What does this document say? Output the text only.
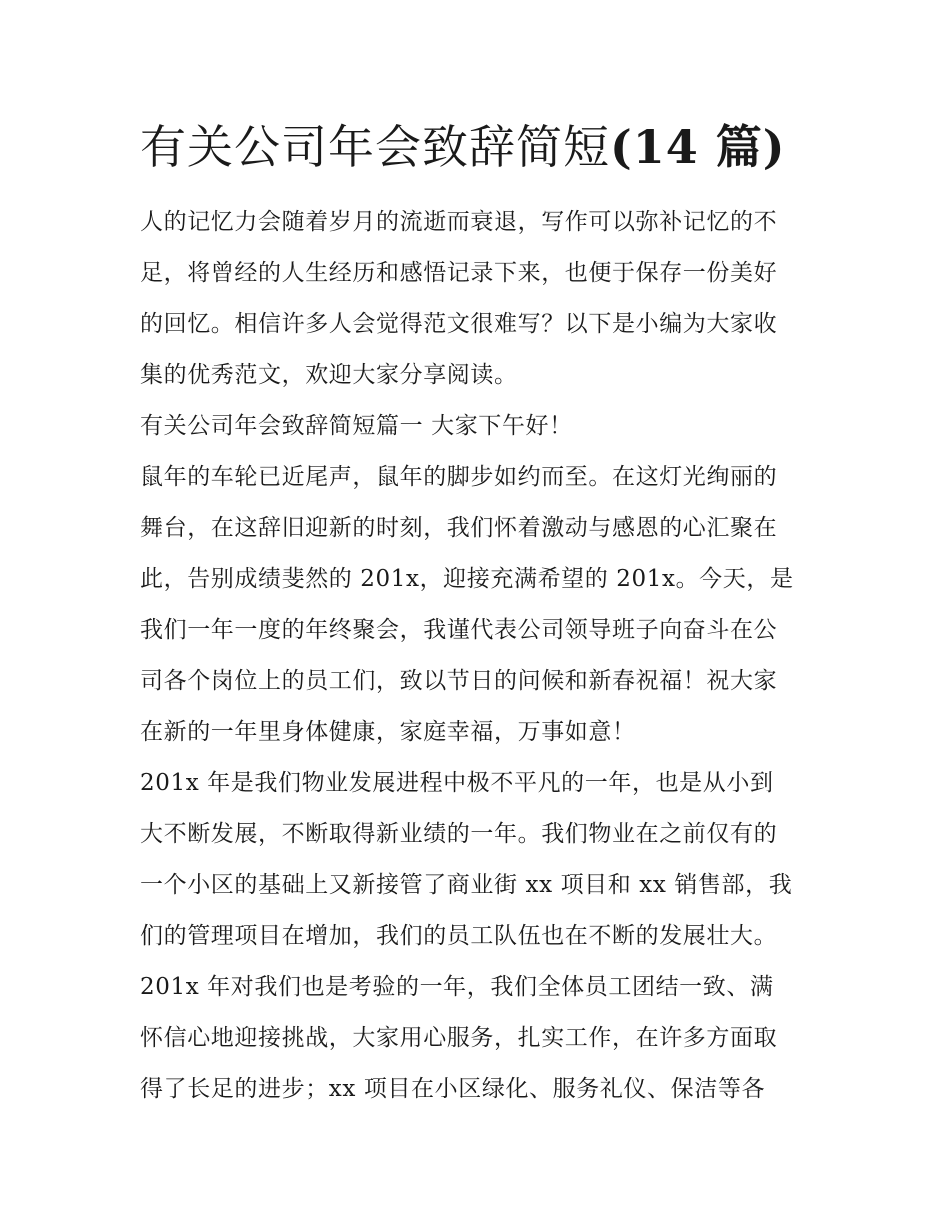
有关公司年会致辞简短(14 篇)
人的记忆力会随着岁月的流逝而衰退，写作可以弥补记忆的不
足，将曾经的人生经历和感悟记录下来，也便于保存一份美好
的回忆。相信许多人会觉得范文很难写？以下是小编为大家收
集的优秀范文，欢迎大家分享阅读。
有关公司年会致辞简短篇一 大家下午好！
鼠年的车轮已近尾声，鼠年的脚步如约而至。在这灯光绚丽的
舞台，在这辞旧迎新的时刻，我们怀着激动与感恩的心汇聚在
此，告别成绩斐然的 201x，迎接充满希望的 201x。今天，是
我们一年一度的年终聚会，我谨代表公司领导班子向奋斗在公
司各个岗位上的员工们，致以节日的问候和新春祝福！祝大家
在新的一年里身体健康，家庭幸福，万事如意！
201x 年是我们物业发展进程中极不平凡的一年，也是从小到
大不断发展，不断取得新业绩的一年。我们物业在之前仅有的
一个小区的基础上又新接管了商业街 xx 项目和 xx 销售部，我
们的管理项目在增加，我们的员工队伍也在不断的发展壮大。
201x 年对我们也是考验的一年，我们全体员工团结一致、满
怀信心地迎接挑战，大家用心服务，扎实工作，在许多方面取
得了长足的进步；xx 项目在小区绿化、服务礼仪、保洁等各
